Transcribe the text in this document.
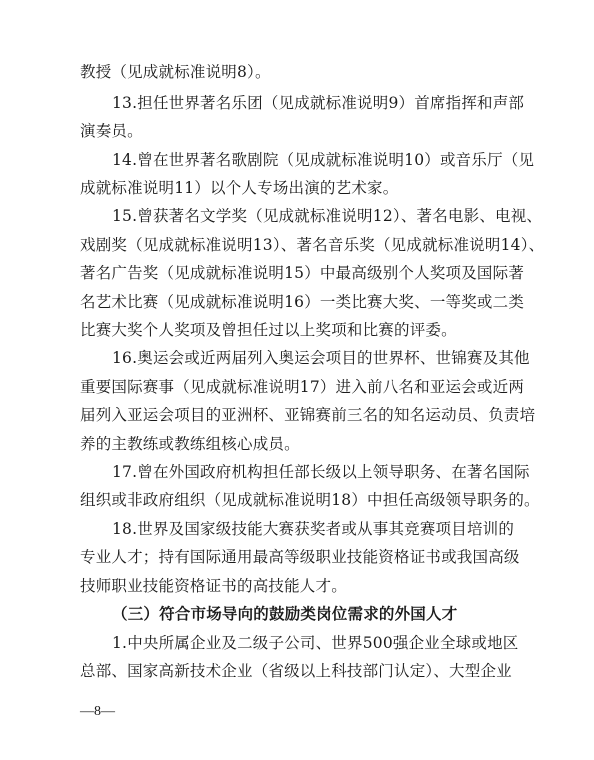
教授（见成就标准说明8）。
13.担任世界著名乐团（见成就标准说明9）首席指挥和声部
演奏员。
14.曾在世界著名歌剧院（见成就标准说明10）或音乐厅（见
成就标准说明11）以个人专场出演的艺术家。
15.曾获著名文学奖（见成就标准说明12）、著名电影、电视、
戏剧奖（见成就标准说明13）、著名音乐奖（见成就标准说明14）、
著名广告奖（见成就标准说明15）中最高级别个人奖项及国际著
名艺术比赛（见成就标准说明16）一类比赛大奖、一等奖或二类
比赛大奖个人奖项及曾担任过以上奖项和比赛的评委。
16.奥运会或近两届列入奥运会项目的世界杯、世锦赛及其他
重要国际赛事（见成就标准说明17）进入前八名和亚运会或近两
届列入亚运会项目的亚洲杯、亚锦赛前三名的知名运动员、负责培
养的主教练或教练组核心成员。
17.曾在外国政府机构担任部长级以上领导职务、在著名国际
组织或非政府组织（见成就标准说明18）中担任高级领导职务的。
18.世界及国家级技能大赛获奖者或从事其竞赛项目培训的
专业人才；持有国际通用最高等级职业技能资格证书或我国高级
技师职业技能资格证书的高技能人才。
（三）符合市场导向的鼓励类岗位需求的外国人才
1.中央所属企业及二级子公司、世界500强企业全球或地区
总部、国家高新技术企业（省级以上科技部门认定）、大型企业
—8—
